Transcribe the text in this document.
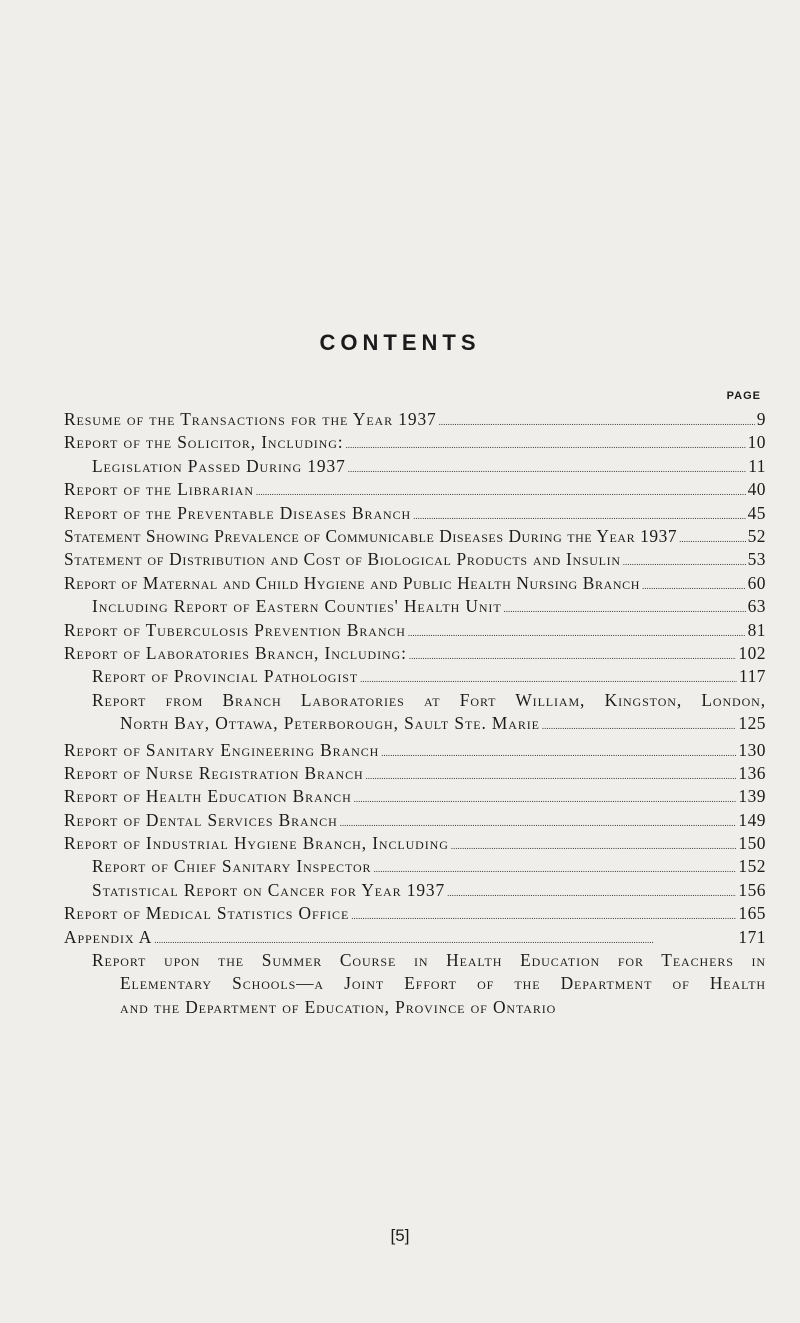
CONTENTS
PAGE
Resume of the Transactions for the Year 1937 .....	9
Report of the Solicitor, Including: .....	10
Legislation Passed During 1937 .....	11
Report of the Librarian .....	40
Report of the Preventable Diseases Branch .....	45
Statement Showing Prevalence of Communicable Diseases During the Year 1937 .....	52
Statement of Distribution and Cost of Biological Products and Insulin .....	53
Report of Maternal and Child Hygiene and Public Health Nursing Branch .....	60
Including Report of Eastern Counties' Health Unit .....	63
Report of Tuberculosis Prevention Branch .....	81
Report of Laboratories Branch, Including: .....	102
Report of Provincial Pathologist .....	117
Report from Branch Laboratories at Fort William, Kingston, London,
North Bay, Ottawa, Peterborough, Sault Ste. Marie .....	125
Report of Sanitary Engineering Branch .....	130
Report of Nurse Registration Branch .....	136
Report of Health Education Branch .....	139
Report of Dental Services Branch .....	149
Report of Industrial Hygiene Branch, Including .....	150
Report of Chief Sanitary Inspector .....	152
Statistical Report on Cancer for Year 1937 .....	156
Report of Medical Statistics Office .....	165
Appendix A .....	171
Report upon the Summer Course in Health Education for Teachers in
Elementary Schools—a Joint Effort of the Department of Health
and the Department of Education, Province of Ontario
[5]
